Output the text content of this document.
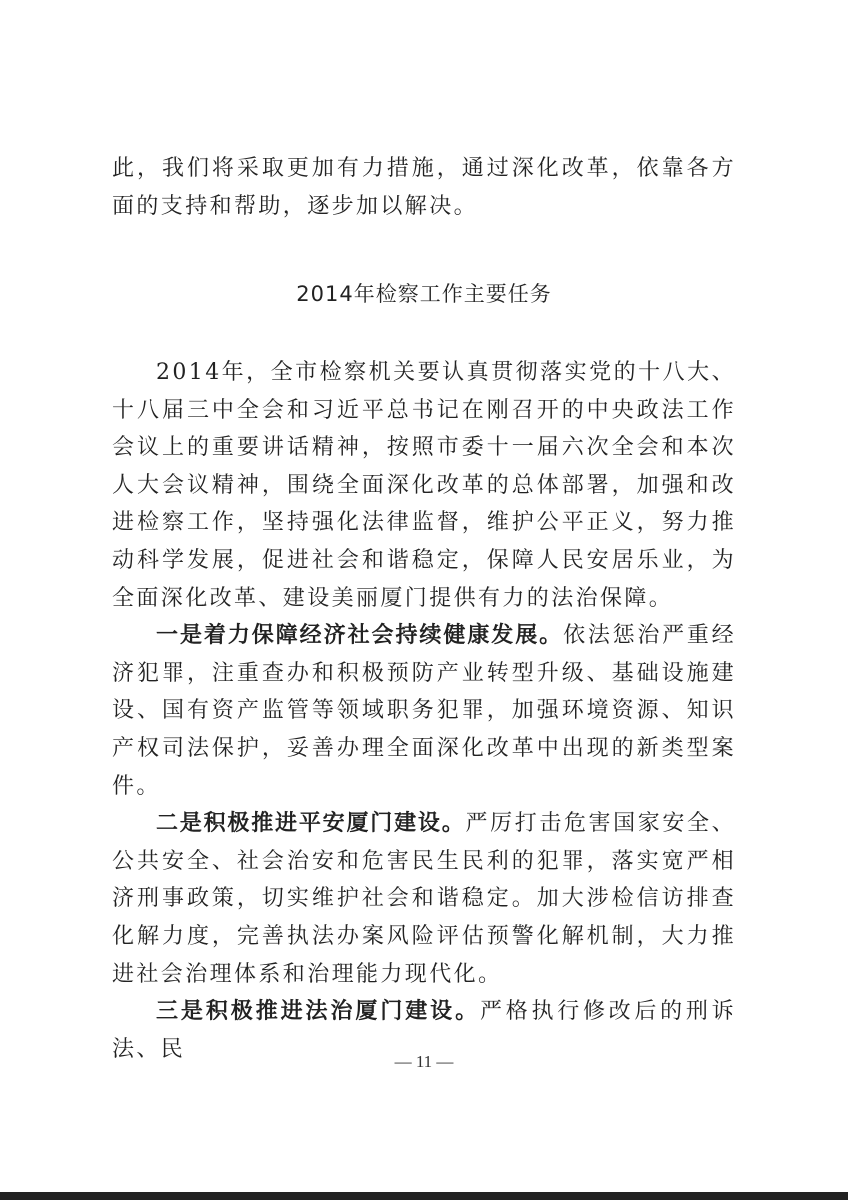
此，我们将采取更加有力措施，通过深化改革，依靠各方面的支持和帮助，逐步加以解决。

2014年检察工作主要任务

2014年，全市检察机关要认真贯彻落实党的十八大、十八届三中全会和习近平总书记在刚召开的中央政法工作会议上的重要讲话精神，按照市委十一届六次全会和本次人大会议精神，围绕全面深化改革的总体部署，加强和改进检察工作，坚持强化法律监督，维护公平正义，努力推动科学发展，促进社会和谐稳定，保障人民安居乐业，为全面深化改革、建设美丽厦门提供有力的法治保障。

一是着力保障经济社会持续健康发展。依法惩治严重经济犯罪，注重查办和积极预防产业转型升级、基础设施建设、国有资产监管等领域职务犯罪，加强环境资源、知识产权司法保护，妥善办理全面深化改革中出现的新类型案件。

二是积极推进平安厦门建设。严厉打击危害国家安全、公共安全、社会治安和危害民生民利的犯罪，落实宽严相济刑事政策，切实维护社会和谐稳定。加大涉检信访排查化解力度，完善执法办案风险评估预警化解机制，大力推进社会治理体系和治理能力现代化。

三是积极推进法治厦门建设。严格执行修改后的刑诉法、民	— 11 —
